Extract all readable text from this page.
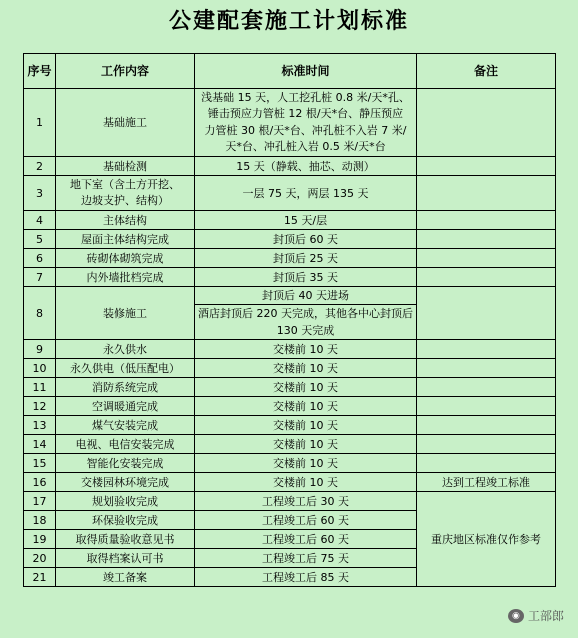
公建配套施工计划标准
序号	工作内容	标准时间	备注
1	基础施工	浅基础 15 天，人工挖孔桩 0.8 米/天*孔、
锤击预应力管桩 12 根/天*台、静压预应
力管桩 30 根/天*台、冲孔桩不入岩 7 米/
天*台、冲孔桩入岩 0.5 米/天*台	

2	基础检测	15 天（静载、抽芯、动测）	
3	地下室（含土方开挖、
边坡支护、结构）	一层 75 天，两层 135 天	
4	主体结构	15 天/层	
5	屋面主体结构完成	封顶后 60 天	
6	砖砌体砌筑完成	封顶后 25 天	
7	内外墙批档完成	封顶后 35 天	
8	装修施工	封顶后 40 天进场	
		酒店封顶后 220 天完成，其他各中心封顶后 130 天完成	
9	永久供水	交楼前 10 天	
10	永久供电（低压配电）	交楼前 10 天	
11	消防系统完成	交楼前 10 天	
12	空调暖通完成	交楼前 10 天	
13	煤气安装完成	交楼前 10 天	
14	电视、电信安装完成	交楼前 10 天	
15	智能化安装完成	交楼前 10 天	
16	交楼园林环境完成	交楼前 10 天	达到工程竣工标准
17	规划验收完成	工程竣工后 30 天	重庆地区标准仅作参考
18	环保验收完成	工程竣工后 60 天	
19	取得质量验收意见书	工程竣工后 60 天	
20	取得档案认可书	工程竣工后 75 天	
21	竣工备案	工程竣工后 85 天	
◉ 工部郎
